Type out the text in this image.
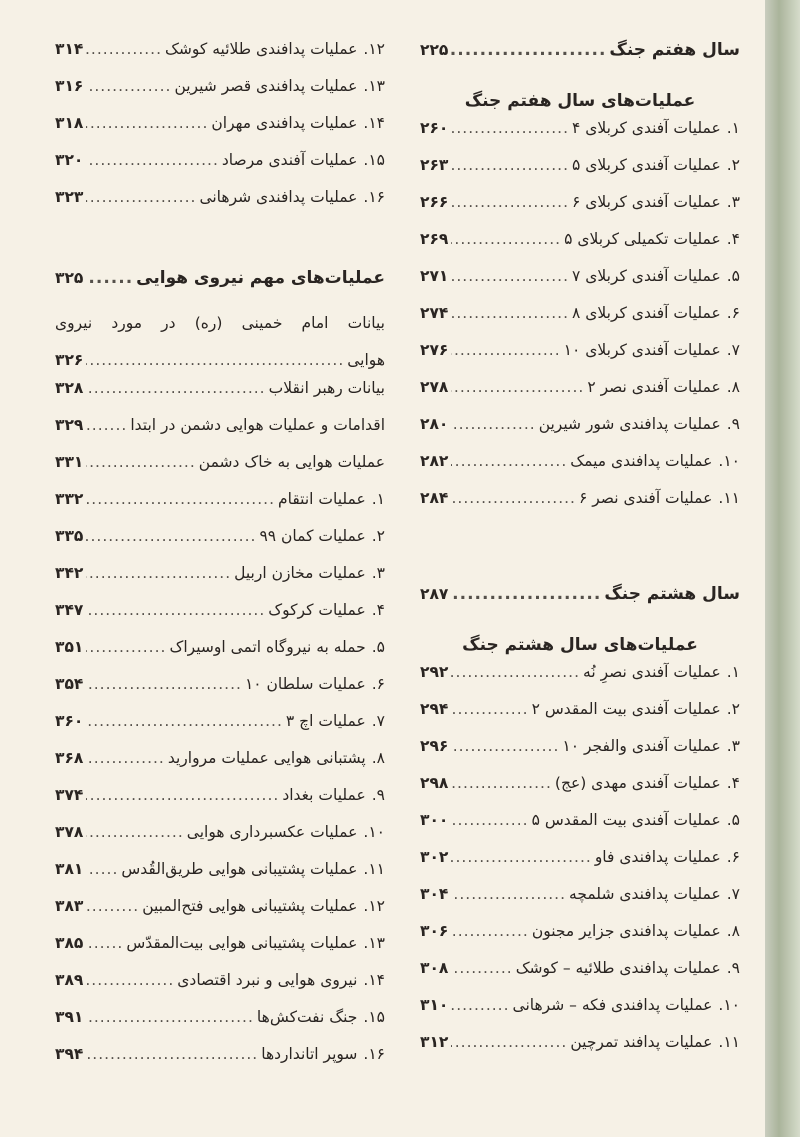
سال هفتم جنگ
.....
۲۲۵
عملیات‌های سال هفتم جنگ
۱.
عملیات آفندی کربلای ۴
.....
۲۶۰
۲.
عملیات آفندی کربلای ۵
.....
۲۶۳
۳.
عملیات آفندی کربلای ۶
.....
۲۶۶
۴.
عملیات تکمیلی کربلای ۵
.....
۲۶۹
۵.
عملیات آفندی کربلای ۷
.....
۲۷۱
۶.
عملیات آفندی کربلای ۸
.....
۲۷۴
۷.
عملیات آفندی کربلای ۱۰
.....
۲۷۶
۸.
عملیات آفندی نصر ۲
.....
۲۷۸
۹.
عملیات پدافندی شور شیرین
.....
۲۸۰
۱۰.
عملیات پدافندی میمک
.....
۲۸۲
۱۱.
عملیات آفندی نصر ۶
.....
۲۸۴
سال هشتم جنگ
.....
۲۸۷
عملیات‌های سال هشتم جنگ
۱.
عملیات آفندی نصرِ نُه
.....
۲۹۲
۲.
عملیات آفندی بیت المقدس ۲
.....
۲۹۴
۳.
عملیات آفندی والفجر ۱۰
.....
۲۹۶
۴.
عملیات آفندی مهدی (عج)
.....
۲۹۸
۵.
عملیات آفندی بیت المقدس ۵
.....
۳۰۰
۶.
عملیات پدافندی فاو
.....
۳۰۲
۷.
عملیات پدافندی شلمچه
.....
۳۰۴
۸.
عملیات پدافندی جزایر مجنون
.....
۳۰۶
۹.
عملیات پدافندی طلائیه – کوشک
.....
۳۰۸
۱۰.
عملیات پدافندی فکه – شرهانی
.....
۳۱۰
۱۱.
عملیات پدافند تمرچین
.....
۳۱۲
۱۲.
عملیات پدافندی طلائیه کوشک
.....
۳۱۴
۱۳.
عملیات پدافندی قصر شیرین
.....
۳۱۶
۱۴.
عملیات پدافندی مهران
.....
۳۱۸
۱۵.
عملیات آفندی مرصاد
.....
۳۲۰
۱۶.
عملیات پدافندی شرهانی
.....
۳۲۳
عملیات‌های مهم نیروی هوایی
.....
۳۲۵
بیانات امام خمینی (ره) در مورد نیروی
هوایی
.....
۳۲۶
بیانات رهبر انقلاب
.....
۳۲۸
اقدامات و عملیات هوایی دشمن در ابتدا
.....
۳۲۹
عملیات هوایی به خاک دشمن
.....
۳۳۱
۱.
عملیات انتقام
.....
۳۳۲
۲.
عملیات کمان ۹۹
.....
۳۳۵
۳.
عملیات مخازن اربیل
.....
۳۴۲
۴.
عملیات کرکوک
.....
۳۴۷
۵.
حمله به نیروگاه اتمی اوسیراک
.....
۳۵۱
۶.
عملیات سلطان ۱۰
.....
۳۵۴
۷.
عملیات اچ ۳
.....
۳۶۰
۸.
پشتبانی هوایی عملیات مروارید
.....
۳۶۸
۹.
عملیات بغداد
.....
۳۷۴
۱۰.
عملیات عکسبرداری هوایی
.....
۳۷۸
۱۱.
عملیات پشتیبانی هوایی طریق‌القُدس
.....
۳۸۱
۱۲.
عملیات پشتیبانی هوایی فتح‌المبین
.....
۳۸۳
۱۳.
عملیات پشتیبانی هوایی بیت‌المقدّس
.....
۳۸۵
۱۴.
نیروی هوایی و نبرد اقتصادی
.....
۳۸۹
۱۵.
جنگ نفت‌کش‌ها
.....
۳۹۱
۱۶.
سوپر اتانداردها
.....
۳۹۴
